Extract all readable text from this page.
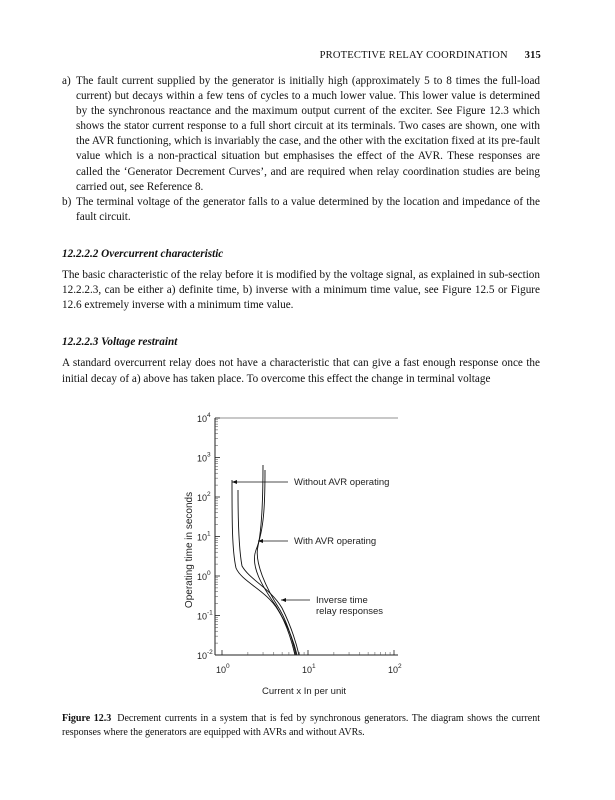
PROTECTIVE RELAY COORDINATION 315
a) The fault current supplied by the generator is initially high (approximately 5 to 8 times the full-load current) but decays within a few tens of cycles to a much lower value. This lower value is determined by the synchronous reactance and the maximum output current of the exciter. See Figure 12.3 which shows the stator current response to a full short circuit at its terminals. Two cases are shown, one with the AVR functioning, which is invariably the case, and the other with the excitation fixed at its pre-fault value which is a non-practical situation but emphasises the effect of the AVR. These responses are called the ‘Generator Decrement Curves’, and are required when relay coordination studies are being carried out, see Reference 8.
b) The terminal voltage of the generator falls to a value determined by the location and impedance of the fault circuit.
12.2.2.2 Overcurrent characteristic

The basic characteristic of the relay before it is modified by the voltage signal, as explained in sub-section 12.2.2.3, can be either a) definite time, b) inverse with a minimum time value, see Figure 12.5 or Figure 12.6 extremely inverse with a minimum time value.

12.2.2.3 Voltage restraint

A standard overcurrent relay does not have a characteristic that can give a fast enough response once the initial decay of a) above has taken place. To overcome this effect the change in terminal voltage

$10^4$
$10^3$
$10^2$
$10^1$
$10^0$
$10^{-1}$
$10^{-2}$
$10^0$	$10^1$	$10^2$
Without AVR operating
With AVR operating
Inverse time
relay responses
Operating time in seconds
Current x In per unit
Figure 12.3 Decrement currents in a system that is fed by synchronous generators. The diagram shows the current responses where the generators are equipped with AVRs and without AVRs.
